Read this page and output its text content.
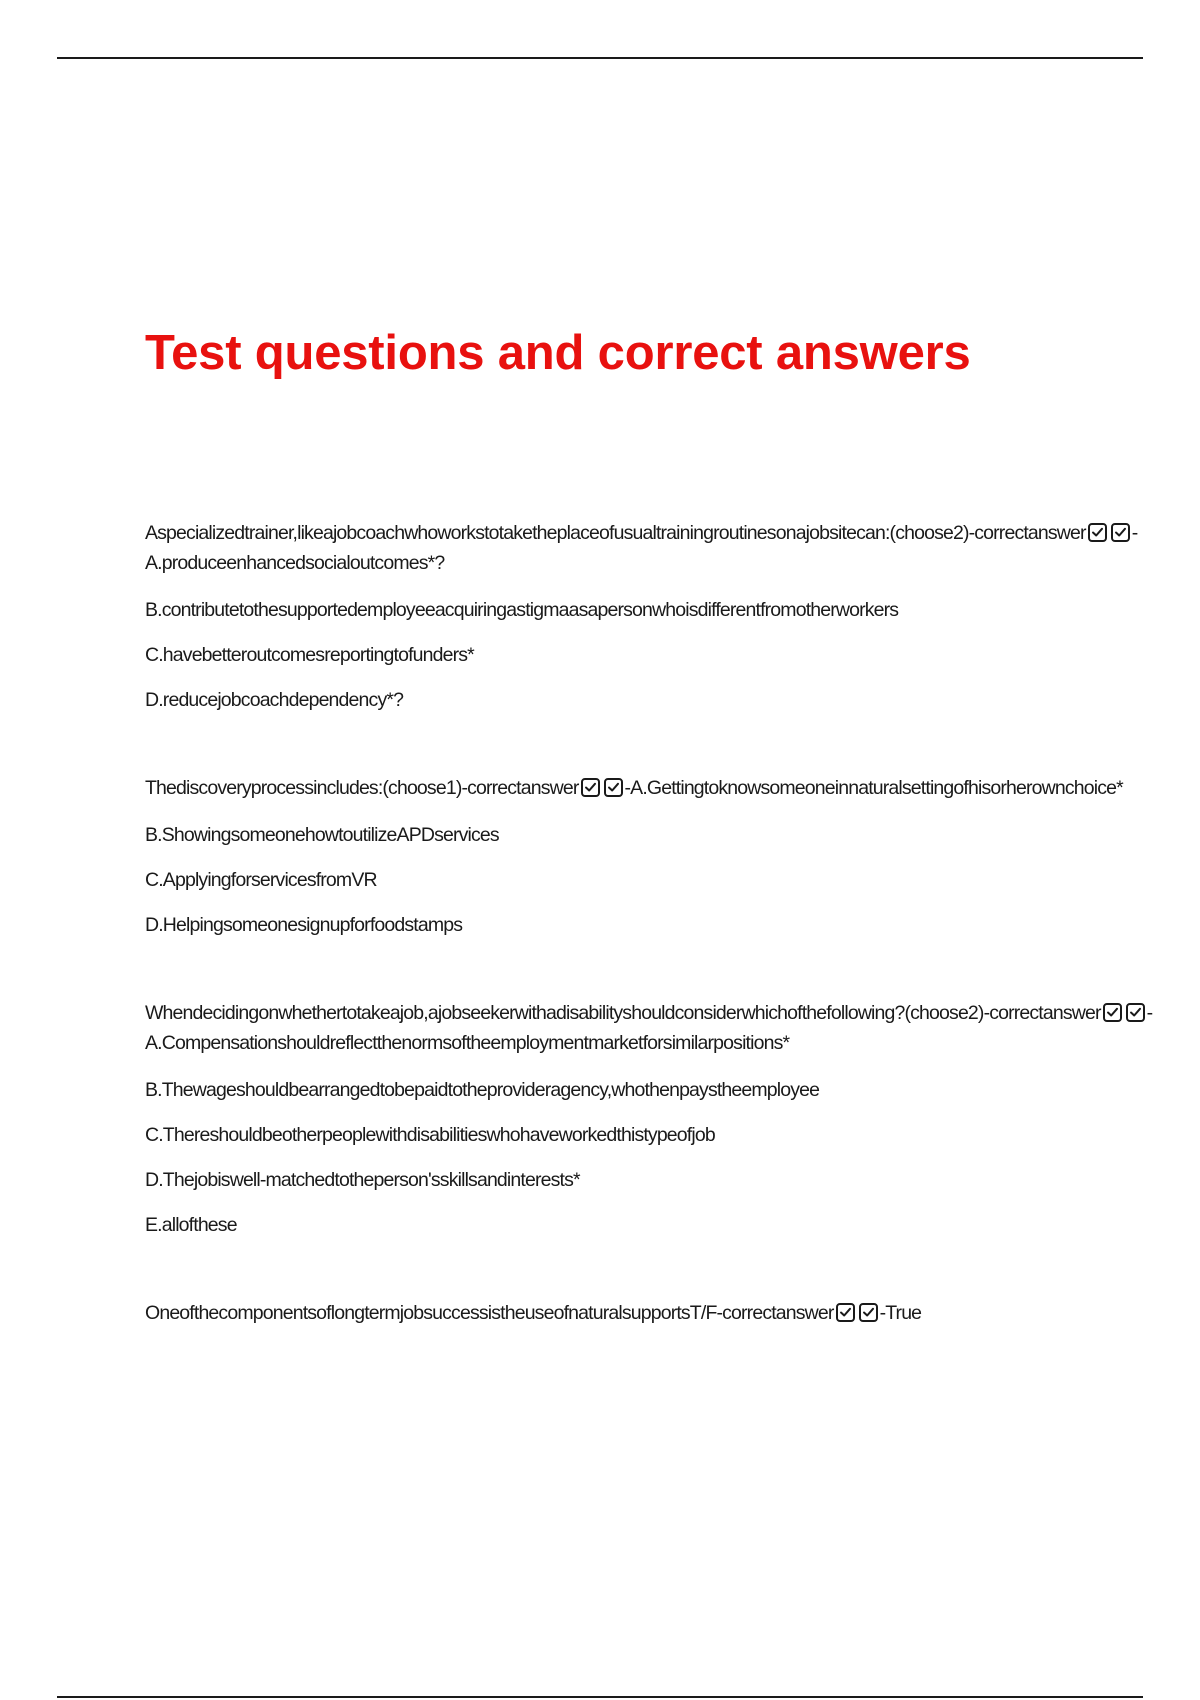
Test questions and correct answers

Aspecializedtrainer,likeajobcoachwhoworkstotaketheplaceofusualtrainingroutinesonajobsitecan:(choose2)-correctanswer -A.produceenhancedsocialoutcomes*?

B.contributetothesupportedemployeeacquiringastigmaasapersonwhoisdifferentfromotherworkers

C.havebetteroutcomesreportingtofunders*

D.reducejobcoachdependency*?

Thediscoveryprocessincludes:(choose1)-correctanswer -A.Gettingtoknowsomeoneinnaturalsettingofhisorherownchoice*

B.ShowingsomeonehowtoutilizeAPDservices

C.ApplyingforservicesfromVR

D.Helpingsomeonesignupforfoodstamps

Whendecidingonwhethertotakeajob,ajobseekerwithadisabilityshouldconsiderwhichofthefollowing?(choose2)-correctanswer -A.Compensationshouldreflectthenormsoftheemploymentmarketforsimilarpositions*

B.Thewageshouldbearrangedtobepaidtotheprovideragency,whothenpaystheemployee

C.Thereshouldbeotherpeoplewithdisabilitieswhohaveworkedthistypeofjob

D.Thejobiswell-matchedtotheperson'sskillsandinterests*

E.allofthese

OneofthecomponentsoflongtermjobsuccessistheuseofnaturalsupportsT/F-correctanswer -True
